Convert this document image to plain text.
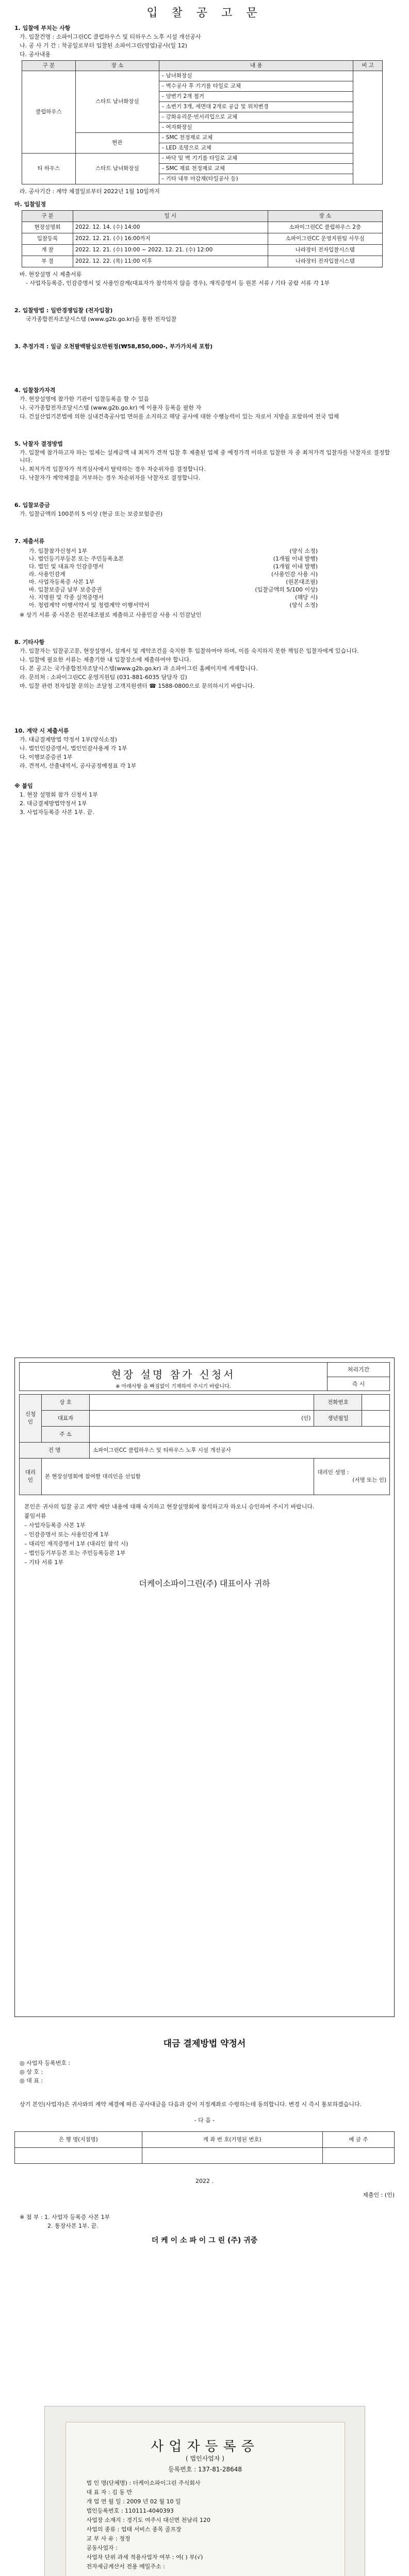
입 찰 공 고 문
1. 입찰에 부치는 사항
가. 입찰건명 : 소파이그린CC 클럽하우스 및 티하우스 노후 시설 개선공사
나. 공 사 기 간 : 착공일로부터 입찰된 소파이그린(영업)공사(일 12)
다. 공사내용
구 분	장 소	내 용	비 고
클럽하우스	스타트 남녀화장실	– 남녀화장실	
		– 벽수공사 후 기기를 타일로 교체	
		– 양변기 2개 철거	
		– 소변기 3개, 세면대 2개로 공급 및 위치변경	
		– 강화유리문·빈서리입으로 교체	
		– 여자화장실	
	현관	– SMC 천정재로 교체	
		– LED 조명으로 교체	
티 하우스	스타트 남녀화장실	– 바닥 및 벽 기기를 타일로 교체	
		– SMC 재료 천정재로 교체	
		– 기타 내부 마감재(타일공사 등)	
라. 공사기간 : 계약 체결일로부터 2022년 1월 10일까지
마. 입찰일정
구 분	일 시	장 소
현장설명회	2022. 12. 14. (수) 14:00	소파이그린CC 클럽하우스 2층
입찰등록	2022. 12. 21. (수) 16:00까지	소파이그린CC 운영지원팀 사무실
개 찰	2022. 12. 21. (수) 10:00 ~ 2022. 12. 21. (수) 12:00	나라장터 전자입찰시스템
부 결	2022. 12. 22. (목) 11:00 이후	나라장터 전자입찰시스템
바. 현장설명 시 제출서류
- 사업자등록증, 인감증명서 및 사용인감계(대표자가 참석하지 않을 경우), 재직증명서 등 원본 서류 / 기타 공람 서류 각 1부
2. 입찰방법 : 일반경쟁입찰 (전자입찰)
국가종합전자조달시스템 (www.g2b.go.kr)을 통한 전자입찰
3. 추정가격 : 일금 오천팔백팔십오만원정(₩58,850,000-, 부가가치세 포함)
4. 입찰참가자격
가. 현장설명에 참가한 기관이 입찰등록을 할 수 있음
나. 국가종합전자조달시스템 (www.g2b.go.kr) 에 이용자 등록을 필한 자
다. 건설산업기본법에 의한 실내건축공사업 면허를 소지하고 해당 공사에 대한 수행능력이 있는 자로서 지방을 포함하여 전국 업체
5. 낙찰자 결정방법
가. 입찰에 참가하고자 하는 업체는 설계금액 내 최저가 견적 입찰 후 제출된 업체 중 예정가격 이하로 입찰한 자 중 최저가격 입찰자를 낙찰자로 결정합니다.
나. 최저가격 입찰자가 적격심사에서 탈락하는 경우 차순위자를 결정합니다.
다. 낙찰자가 계약체결을 거부하는 경우 차순위자를 낙찰자로 결정합니다.
6. 입찰보증금
가. 입찰금액의 100분의 5 이상 (현금 또는 보증보험증권)
7. 제출서류
가. 입찰참가신청서 1부	(양식 소정)
나. 법인등기부등본 또는 주민등록초본	(1개월 이내 발행)
다. 법인 및 대표자 인감증명서	(1개월 이내 발행)
라. 사용인감계	(사용인감 사용 시)
마. 사업자등록증 사본 1부	(원본대조필)
바. 입찰보증금 납부 보증증권	(입찰금액의 5/100 이상)
사. 지명원 및 각종 실적증명서	(해당 시)
아. 청렴계약 이행서약서 및 청렴계약 이행서약서	(양식 소정)
※ 상기 서류 중 사본은 원본대조필로 제출하고 사용인감 사용 시 인감날인
8. 기타사항
가. 입찰자는 입찰공고문, 현장설명서, 설계서 및 계약조건을 숙지한 후 입찰하여야 하며, 이를 숙지하지 못한 책임은 입찰자에게 있습니다.
나. 입찰에 필요한 서류는 제출기한 내 입찰장소에 제출하여야 합니다.
다. 본 공고는 국가종합전자조달시스템(www.g2b.go.kr) 과 소파이그린 홈페이지에 게재합니다.
라. 문의처 : 소파이그린CC 운영지원팀 (031-881-6035 담당자 김)
마. 입찰 관련 전자입찰 문의는 조달청 고객지원센터 ☎ 1588-0800으로 문의하시기 바랍니다.
10. 계약 시 제출서류
가. 대금결제방법 약정서 1부(양식소정)
나. 법인인감증명서, 법인인감사용계 각 1부
다. 이행보증증권 1부
라. 견적서, 산출내역서, 공사공정예정표 각 1부
※ 붙임
1. 현장 설명회 참가 신청서 1부
2. 대금결제방법약정서 1부
3. 사업자등록증 사본 1부. 끝.
현장 설명 참가 신청서
※ 아래사항 을 빠짐없이 기재하여 주시기 바랍니다.
처리기간
즉 시
신청인	상 호		전화번호	
	대표자	(인)	생년월일	
	주 소			
건 명		소파이그린CC 클럽하우스 및 티하우스 노후 시설 개선공사		
대리인	본 현장설명회에 참여할 대리인을 선임함		대리인 성명 :
(서명 또는 인)	
본인은 귀사의 입찰 공고 계약 제안 내용에 대해 숙지하고 현장설명회에 참석하고자 하오니 승인하여 주시기 바랍니다.
붙임서류
– 사업자등록증 사본 1부
– 인감증명서 또는 사용인감계 1부
– 대리인 재직증명서 1부 (대리인 참석 시)
– 법인등기부등본 또는 주민등록등본 1부
– 기타 서류 1부
더케이소파이그린(주) 대표이사 귀하
대금 결제방법 약정서
◎ 사업자 등록번호 :
◎ 상 호 :
◎ 대 표 :
상기 본인(사업자)은 귀사와의 계약 체결에 따른 공사대금을 다음과 같이 지정계좌로 수령하는데 동의합니다. 변경 시 즉시 통보하겠습니다.
- 다 음 -
은 행 명(지점명)	계 좌 번 호(기명된 번호)	예 금 주

2022 .
제출인 : (인)
※ 첨 부 : 1. 사업자 등록증 사본 1부
2. 통장사본 1부. 끝.
더 케 이 소 파 이 그 린 (주) 귀중
사업자등록증
( 법인사업자 )
등록번호 : 137-81-28648
법 인 명(단체명) : 더케이소파이그린 주식회사
대 표 자 : 김 동 만
개 업 연 월 일 : 2009 년 02 월 10 일
법인등록번호 : 110111-4040393
사업장 소재지 : 경기도 여주시 대신면 천남리 120
사업의 종류 : 업태 서비스 종목 골프장
교 부 사 유 : 정정
공동사업자 :
사업자 단위 과세 적용사업자 여부 : 여( ) 부(√)
전자세금계산서 전용 메일주소 :
